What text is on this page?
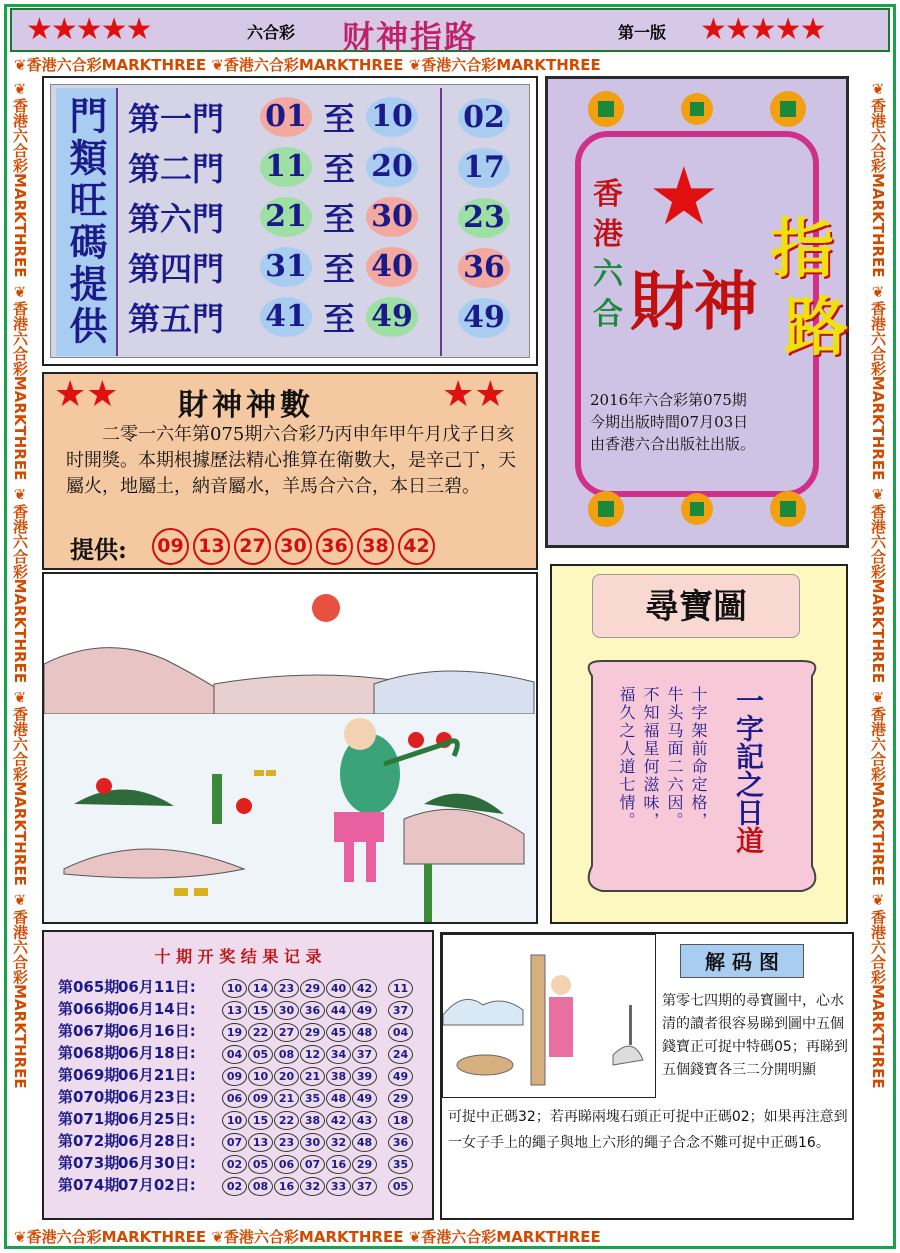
❦香港六合彩MARKTHREE ❦香港六合彩MARKTHREE ❦香港六合彩MARKTHREE
❦香港六合彩MARKTHREE ❦香港六合彩MARKTHREE ❦香港六合彩MARKTHREE
❦香港六合彩MARKTHREE ❦香港六合彩MARKTHREE ❦香港六合彩MARKTHREE ❦香港六合彩MARKTHREE ❦香港六合彩MARKTHREE
❦香港六合彩MARKTHREE ❦香港六合彩MARKTHREE ❦香港六合彩MARKTHREE ❦香港六合彩MARKTHREE ❦香港六合彩MARKTHREE
★★★★★	六合彩 财神指路	第一版 ★★★★★
門類旺碼提供 第一門 01 至 10 02
第二門 11 至 20 17
第六門 21 至 30 23
第四門 31 至 40 36
第五門 41 至 49 49
★
香
港
六
合 財神
指
路
2016年六合彩第075期
今期出版時間07月03日
由香港六合出版社出版。
★★ 財神神數	★★
二零一六年第075期六合彩乃丙申年甲午月戊子日亥时開獎。本期根據歷法精心推算在衛數大，是辛己丁，天屬火，地屬土，納音屬水，羊馬合六合，本日三碧。
提供: 09 13 27 30 36 38 42
尋寶圖
一字記之日道
十字架前命定格，
牛头马面二六因。
不知福星何滋味，
福久之人道七情。
十 期 开 奖 结 果 记 录
第065期06月11日:	10 14 23 29 40 42 11
第066期06月14日:	13 15 30 36 44 49 37
第067期06月16日:	19 22 27 29 45 48 04
第068期06月18日:	04 05 08 12 34 37 24
第069期06月21日:	09 10 20 21 38 39 49
第070期06月23日:	06 09 21 35 48 49 29
第071期06月25日:	10 15 22 38 42 43 18
第072期06月28日:	07 13 23 30 32 48 36
第073期06月30日:	02 05 06 07 16 29 35
第074期07月02日:	02 08 16 32 33 37 05
解 码 图
第零七四期的尋寶圖中，心水清的讀者很容易睇到圖中五個錢寶正可捉中特碼05；再睇到五個錢寶各三二分開明顯
可捉中正碼32；若再睇兩塊石頭正可捉中正碼02；如果再注意到一女子手上的繩子與地上六形的繩子合念不難可捉中正碼16。
